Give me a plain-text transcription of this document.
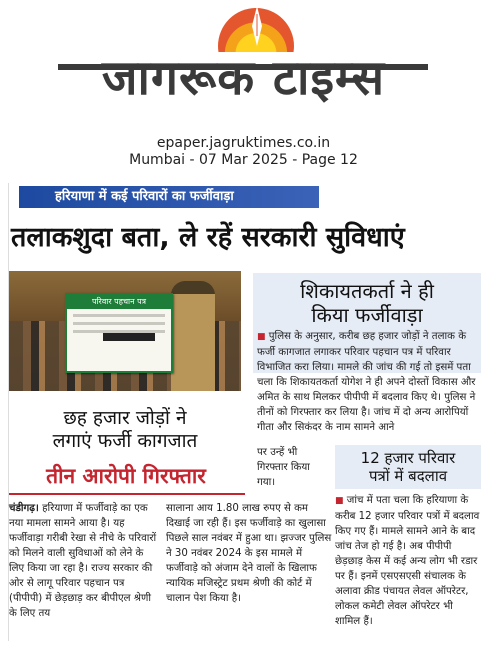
जागरूक टाइम्स
epaper.jagruktimes.co.in
Mumbai - 07 Mar 2025 - Page 12
हरियाणा में कई परिवारों का फर्जीवाड़ा
तलाकशुदा बता, ले रहें सरकारी सुविधाएं
परिवार पहचान पत्र	शिकायतकर्ता ने ही
किया फर्जीवाड़ा
■ पुलिस के अनुसार, करीब छह हजार जोड़ों ने तलाक के फर्जी कागजात लगाकर परिवार पहचान पत्र में परिवार विभाजित करा लिया। मामले की जांच की गई तो इसमें पता चला कि शिकायतकर्ता योगेश ने ही अपने दोस्तों विकास और अमित के साथ मिलकर पीपीपी में बदलाव किए थे। पुलिस ने तीनों को गिरफ्तार कर लिया है। जांच में दो अन्य आरोपियों गीता और सिकंदर के नाम सामने आने
पर उन्हें भी गिरफ्तार किया गया।
छह हजार जोड़ों ने
लगाएं फर्जी कागजात
तीन आरोपी गिरफ्तार
चंडीगढ़। हरियाणा में फर्जीवाड़े का एक नया मामला सामने आया है। यह फर्जीवाड़ा गरीबी रेखा से नीचे के परिवारों को मिलने वाली सुविधाओं को लेने के लिए किया जा रहा है। राज्य सरकार की ओर से लागू परिवार पहचान पत्र (पीपीपी) में छेड़छाड़ कर बीपीएल श्रेणी के लिए तय
सालाना आय 1.80 लाख रुपए से कम दिखाई जा रही हैं। इस फर्जीवाड़े का खुलासा पिछले साल नवंबर में हुआ था। झज्जर पुलिस ने 30 नवंबर 2024 के इस मामले में फर्जीवाड़े को अंजाम देने वालों के खिलाफ न्यायिक मजिस्ट्रेट प्रथम श्रेणी की कोर्ट में चालान पेश किया है।
12 हजार परिवार
पत्रों में बदलाव
■ जांच में पता चला कि हरियाणा के करीब 12 हजार परिवार पत्रों में बदलाव किए गए हैं। मामले सामने आने के बाद जांच तेज हो गई है। अब पीपीपी छेड़छाड़ केस में कई अन्य लोग भी रडार पर हैं। इनमें एसएसएसी संचालक के अलावा क्रीड पंचायत लेवल ऑपरेटर, लोकल कमेटी लेवल ऑपरेटर भी शामिल हैं।
